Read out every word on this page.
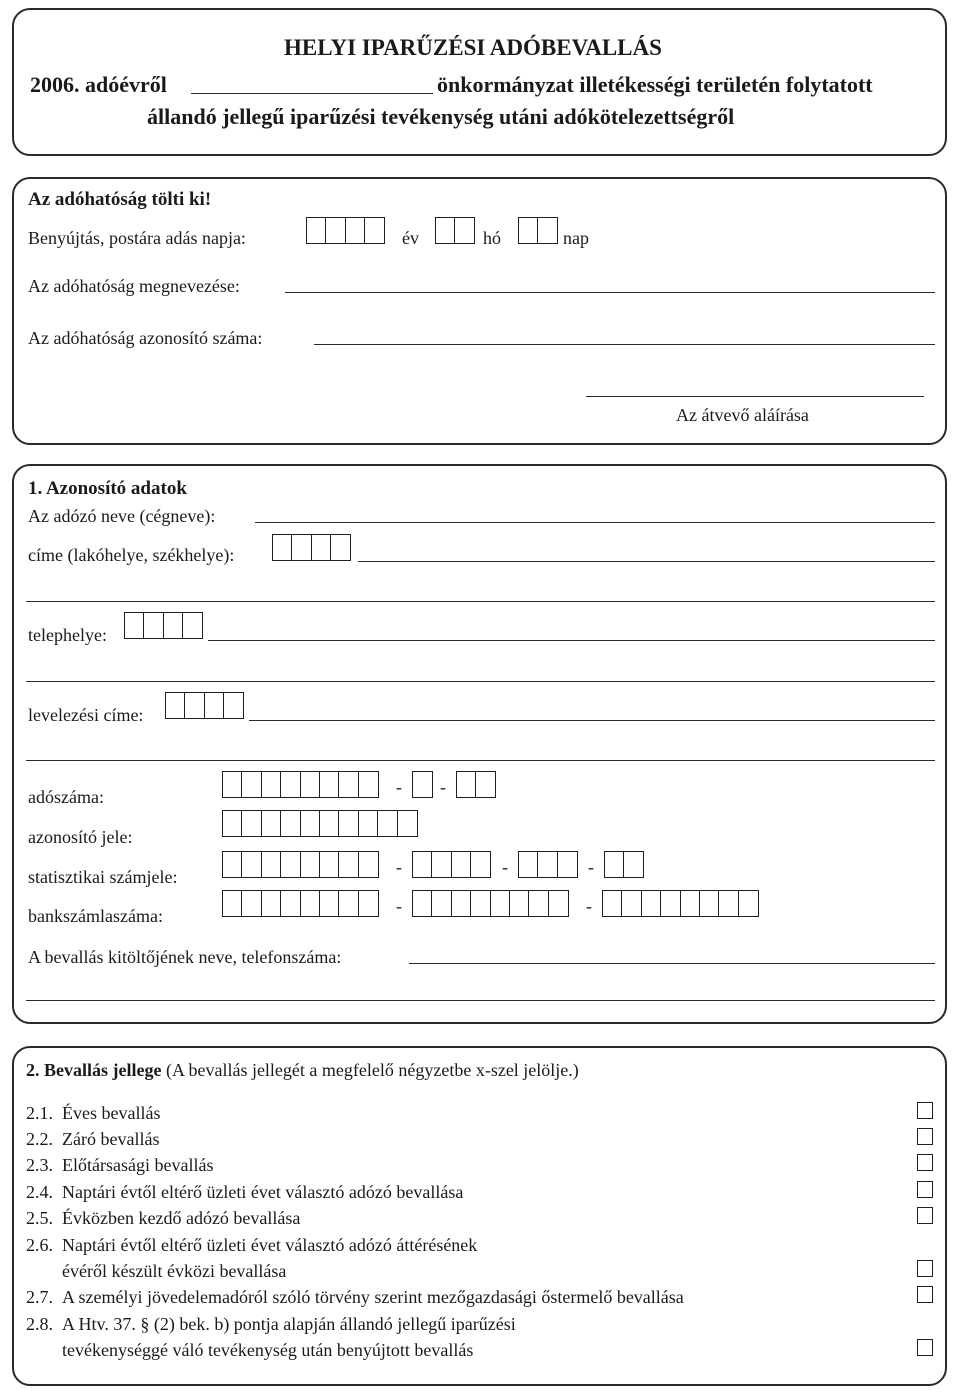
HELYI IPARŰZÉSI ADÓBEVALLÁS
2006. adóévről	önkormányzat illetékességi területén folytatott
állandó jellegű iparűzési tevékenység utáni adókötelezettségről
Az adóhatóság tölti ki!
Benyújtás, postára adás napja:	év	hó	nap
Az adóhatóság megnevezése:
Az adóhatóság azonosító száma:
Az átvevő aláírása
1. Azonosító adatok
Az adózó neve (cégneve):
címe (lakóhelye, székhelye):
telephelye:
levelezési címe:
adószáma:	- -
azonosító jele:
statisztikai számjele:	-	-	-
bankszámlaszáma:	-	-
A bevallás kitöltőjének neve, telefonszáma:
2. Bevallás jellege (A bevallás jellegét a megfelelő négyzetbe x-szel jelölje.)
2.1. Éves bevallás
2.2. Záró bevallás
2.3. Előtársasági bevallás
2.4. Naptári évtől eltérő üzleti évet választó adózó bevallása
2.5. Évközben kezdő adózó bevallása
2.6. Naptári évtől eltérő üzleti évet választó adózó áttérésének
évéről készült évközi bevallása
2.7. A személyi jövedelemadóról szóló törvény szerint mezőgazdasági őstermelő bevallása
2.8. A Htv. 37. § (2) bek. b) pontja alapján állandó jellegű iparűzési
tevékenységgé váló tevékenység után benyújtott bevallás
